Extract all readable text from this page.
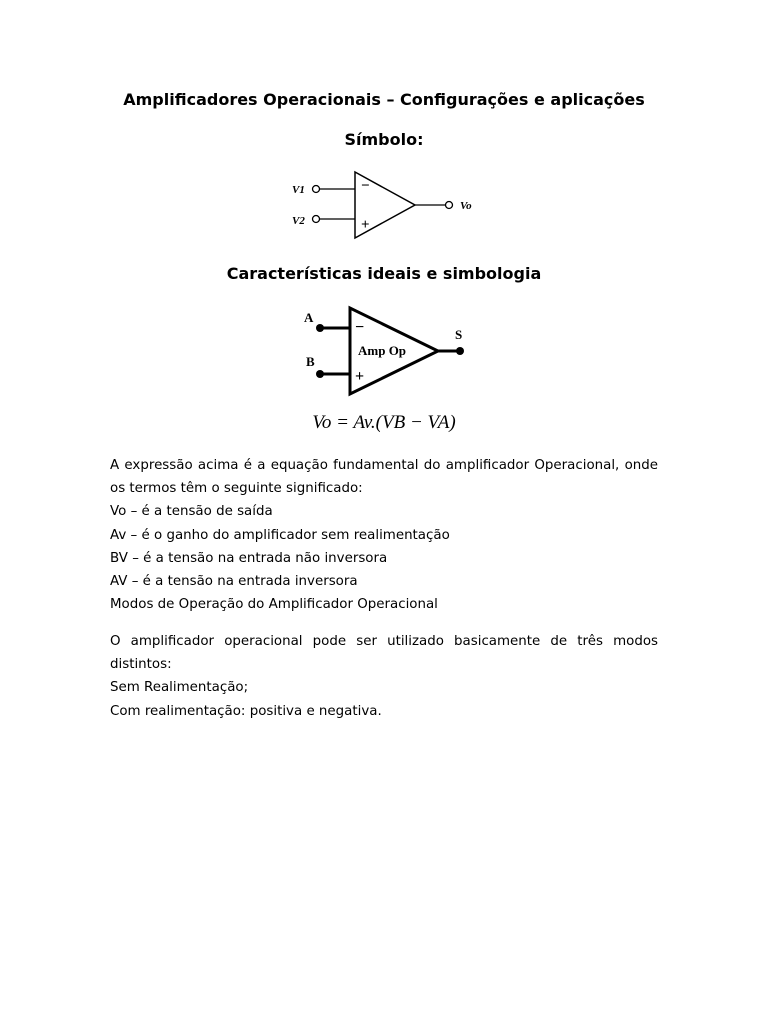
Amplificadores Operacionais – Configurações e aplicações
Símbolo:
V1
V2
−
+
Vo
Características ideais e simbologia
A
B
−
+
Amp Op
S

Vo = Av.(VB − VA)

A expressão acima é a equação fundamental do amplificador Operacional, onde os termos têm o seguinte significado:

Vo – é a tensão de saída
Av – é o ganho do amplificador sem realimentação
BV – é a tensão na entrada não inversora
AV – é a tensão na entrada inversora
Modos de Operação do Amplificador Operacional

O amplificador operacional pode ser utilizado basicamente de três modos distintos:

Sem Realimentação;
Com realimentação: positiva e negativa.
